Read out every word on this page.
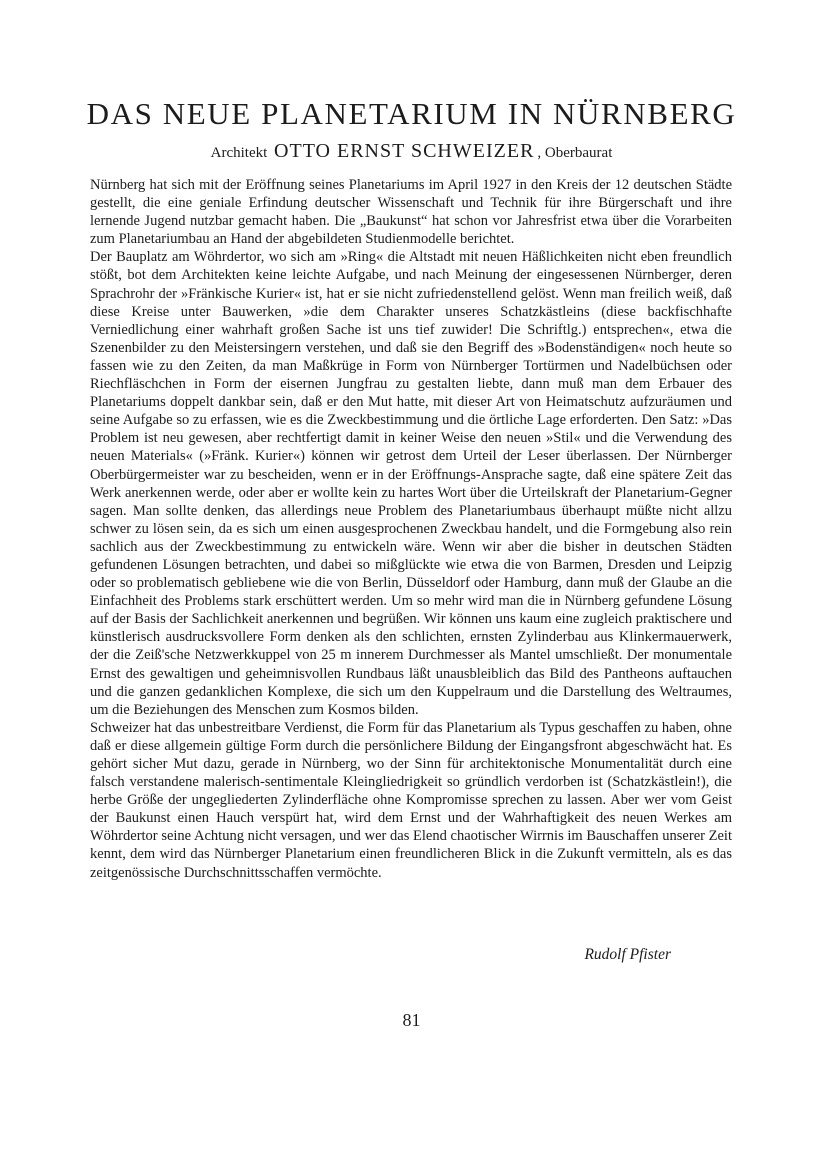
DAS NEUE PLANETARIUM IN NÜRNBERG
Architekt OTTO ERNST SCHWEIZER , Oberbaurat

Nürnberg hat sich mit der Eröffnung seines Planetariums im April 1927 in den Kreis der 12 deutschen Städte gestellt, die eine geniale Erfindung deutscher Wissenschaft und Technik für ihre Bürgerschaft und ihre lernende Jugend nutzbar gemacht haben. Die „Baukunst“ hat schon vor Jahresfrist etwa über die Vorarbeiten zum Planetariumbau an Hand der abgebildeten Studienmodelle berichtet.

Der Bauplatz am Wöhrdertor, wo sich am »Ring« die Altstadt mit neuen Häßlichkeiten nicht eben freundlich stößt, bot dem Architekten keine leichte Aufgabe, und nach Meinung der eingesessenen Nürnberger, deren Sprachrohr der »Fränkische Kurier« ist, hat er sie nicht zufriedenstellend gelöst. Wenn man freilich weiß, daß diese Kreise unter Bauwerken, »die dem Charakter unseres Schatzkästleins (diese backfischhafte Verniedlichung einer wahrhaft großen Sache ist uns tief zuwider! Die Schriftlg.) entsprechen«, etwa die Szenenbilder zu den Meistersingern verstehen, und daß sie den Begriff des »Bodenständigen« noch heute so fassen wie zu den Zeiten, da man Maßkrüge in Form von Nürnberger Tortürmen und Nadelbüchsen oder Riechfläschchen in Form der eisernen Jungfrau zu gestalten liebte, dann muß man dem Erbauer des Planetariums doppelt dankbar sein, daß er den Mut hatte, mit dieser Art von Heimatschutz aufzuräumen und seine Aufgabe so zu erfassen, wie es die Zweckbestimmung und die örtliche Lage erforderten. Den Satz: »Das Problem ist neu gewesen, aber rechtfertigt damit in keiner Weise den neuen »Stil« und die Verwendung des neuen Materials« (»Fränk. Kurier«) können wir getrost dem Urteil der Leser überlassen. Der Nürnberger Oberbürgermeister war zu bescheiden, wenn er in der Eröffnungs-Ansprache sagte, daß eine spätere Zeit das Werk anerkennen werde, oder aber er wollte kein zu hartes Wort über die Urteilskraft der Planetarium-Gegner sagen. Man sollte denken, das allerdings neue Problem des Planetariumbaus überhaupt müßte nicht allzu schwer zu lösen sein, da es sich um einen ausgesprochenen Zweckbau handelt, und die Formgebung also rein sachlich aus der Zweckbestimmung zu entwickeln wäre. Wenn wir aber die bisher in deutschen Städten gefundenen Lösungen betrachten, und dabei so mißglückte wie etwa die von Barmen, Dresden und Leipzig oder so problematisch gebliebene wie die von Berlin, Düsseldorf oder Hamburg, dann muß der Glaube an die Einfachheit des Problems stark erschüttert werden. Um so mehr wird man die in Nürnberg gefundene Lösung auf der Basis der Sachlichkeit anerkennen und begrüßen. Wir können uns kaum eine zugleich praktischere und künstlerisch ausdrucksvollere Form denken als den schlichten, ernsten Zylinderbau aus Klinkermauerwerk, der die Zeiß'sche Netzwerkkuppel von 25 m innerem Durchmesser als Mantel umschließt. Der monumentale Ernst des gewaltigen und geheimnisvollen Rundbaus läßt unausbleiblich das Bild des Pantheons auftauchen und die ganzen gedanklichen Komplexe, die sich um den Kuppelraum und die Darstellung des Weltraumes, um die Beziehungen des Menschen zum Kosmos bilden.

Schweizer hat das unbestreitbare Verdienst, die Form für das Planetarium als Typus geschaffen zu haben, ohne daß er diese allgemein gültige Form durch die persönlichere Bildung der Eingangsfront abgeschwächt hat. Es gehört sicher Mut dazu, gerade in Nürnberg, wo der Sinn für architektonische Monumentalität durch eine falsch verstandene malerisch-sentimentale Kleingliedrigkeit so gründlich verdorben ist (Schatzkästlein!), die herbe Größe der ungegliederten Zylinderfläche ohne Kompromisse sprechen zu lassen. Aber wer vom Geist der Baukunst einen Hauch verspürt hat, wird dem Ernst und der Wahrhaftigkeit des neuen Werkes am Wöhrdertor seine Achtung nicht versagen, und wer das Elend chaotischer Wirrnis im Bauschaffen unserer Zeit kennt, dem wird das Nürnberger Planetarium einen freundlicheren Blick in die Zukunft vermitteln, als es das zeitgenössische Durchschnittsschaffen vermöchte.

Rudolf Pfister
81
